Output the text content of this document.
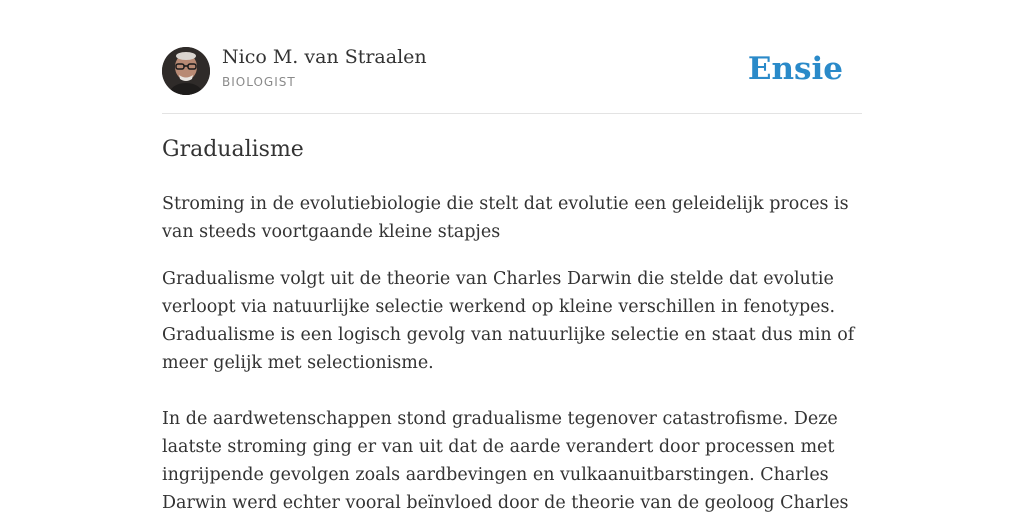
Nico M. van Straalen
BIOLOGIST	Ensie
Gradualisme
Stroming in de evolutiebiologie die stelt dat evolutie een geleidelijk proces is van steeds voortgaande kleine stapjes
Gradualisme volgt uit de theorie van Charles Darwin die stelde dat evolutie verloopt via natuurlijke selectie werkend op kleine verschillen in fenotypes. Gradualisme is een logisch gevolg van natuurlijke selectie en staat dus min of meer gelijk met selectionisme.

In de aardwetenschappen stond gradualisme tegenover catastrofisme. Deze laatste stroming ging er van uit dat de aarde verandert door processen met ingrijpende gevolgen zoals aardbevingen en vulkaanuitbarstingen. Charles Darwin werd echter vooral beïnvloed door de theorie van de geoloog Charles
